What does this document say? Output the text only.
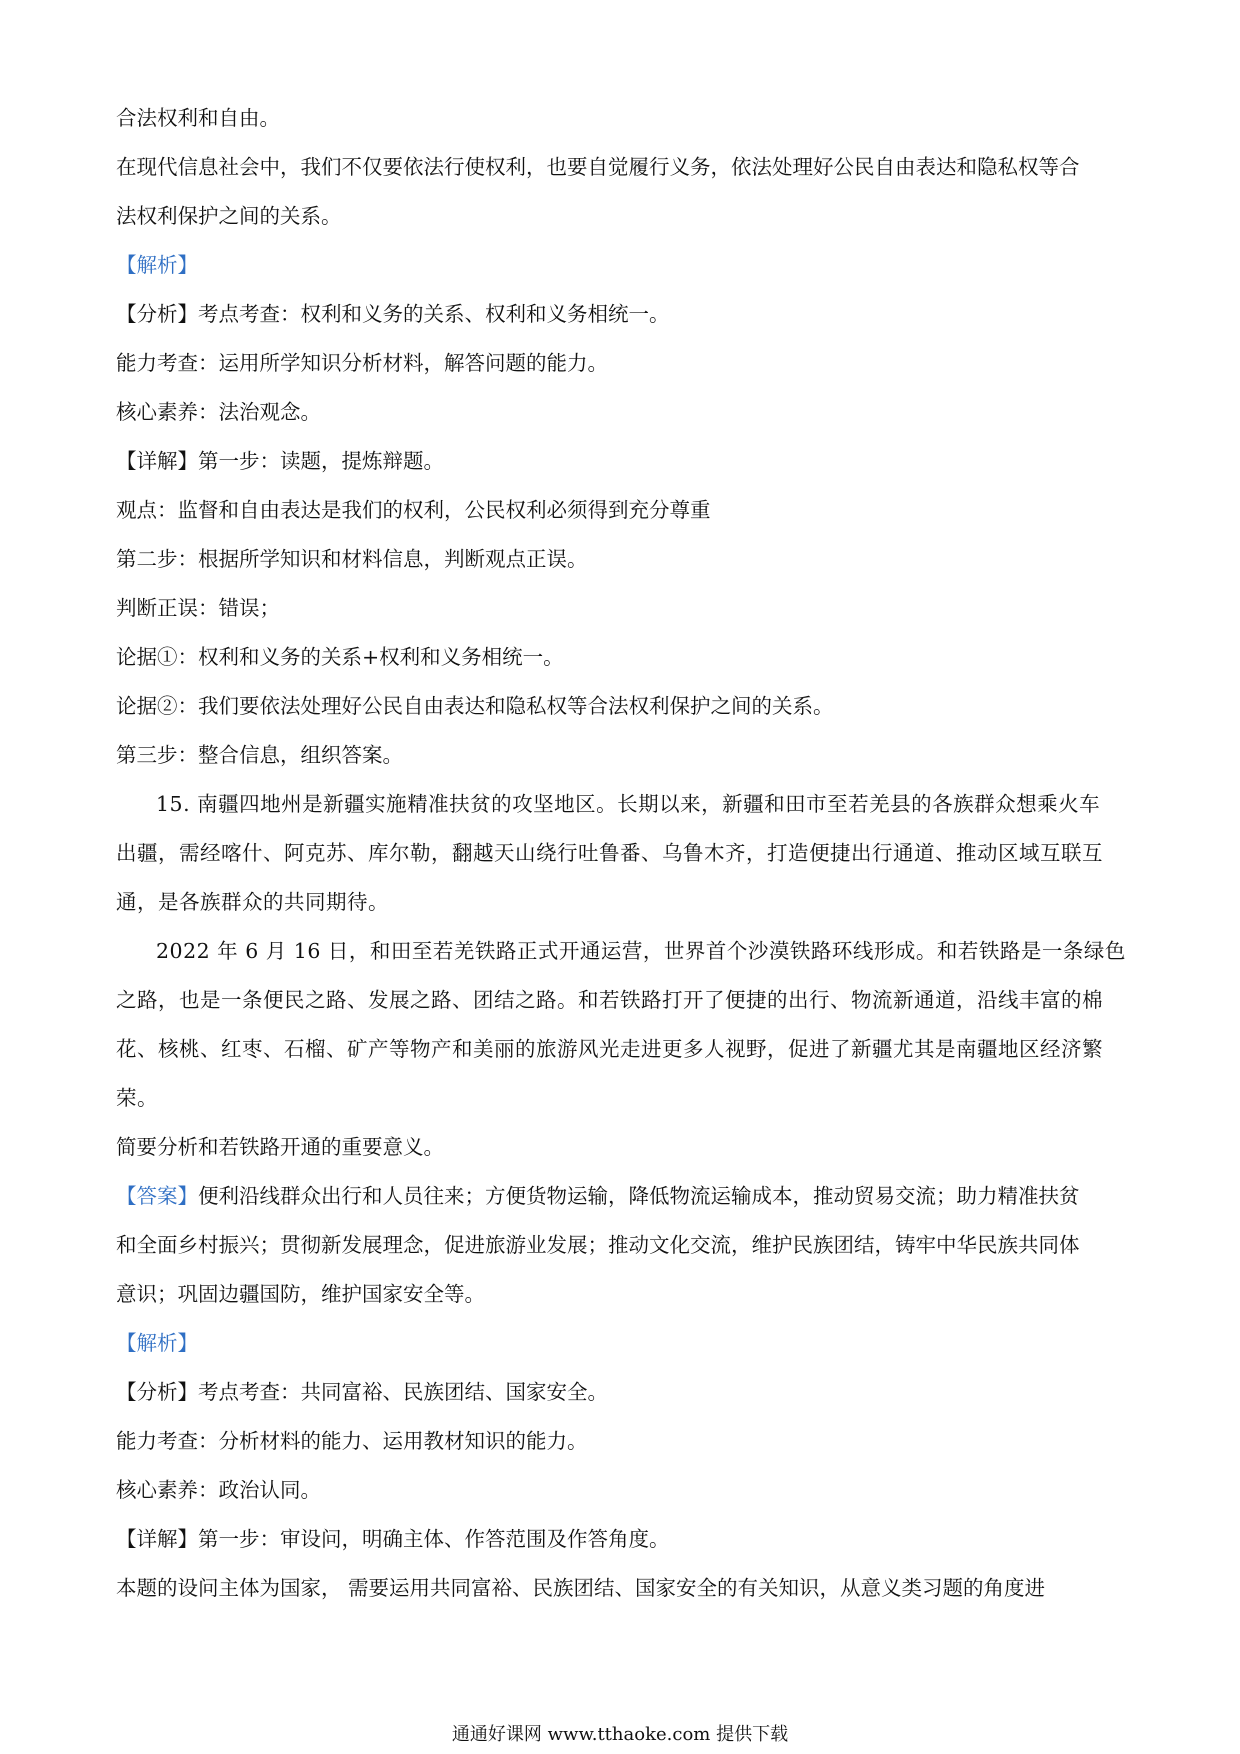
合法权利和自由。
在现代信息社会中，我们不仅要依法行使权利，也要自觉履行义务，依法处理好公民自由表达和隐私权等合
法权利保护之间的关系。
【解析】
【分析】考点考查：权利和义务的关系、权利和义务相统一。
能力考查：运用所学知识分析材料，解答问题的能力。
核心素养：法治观念。
【详解】第一步：读题，提炼辩题。
观点：监督和自由表达是我们的权利，公民权利必须得到充分尊重
第二步：根据所学知识和材料信息，判断观点正误。
判断正误：错误；
论据①：权利和义务的关系+权利和义务相统一。
论据②：我们要依法处理好公民自由表达和隐私权等合法权利保护之间的关系。
第三步：整合信息，组织答案。
15. 南疆四地州是新疆实施精准扶贫的攻坚地区。长期以来，新疆和田市至若羌县的各族群众想乘火车
出疆，需经喀什、阿克苏、库尔勒，翻越天山绕行吐鲁番、乌鲁木齐，打造便捷出行通道、推动区域互联互
通，是各族群众的共同期待。
2022 年 6 月 16 日，和田至若羌铁路正式开通运营，世界首个沙漠铁路环线形成。和若铁路是一条绿色
之路，也是一条便民之路、发展之路、团结之路。和若铁路打开了便捷的出行、物流新通道，沿线丰富的棉
花、核桃、红枣、石榴、矿产等物产和美丽的旅游风光走进更多人视野，促进了新疆尤其是南疆地区经济繁
荣。
简要分析和若铁路开通的重要意义。
【答案】便利沿线群众出行和人员往来；方便货物运输，降低物流运输成本，推动贸易交流；助力精准扶贫
和全面乡村振兴；贯彻新发展理念，促进旅游业发展；推动文化交流，维护民族团结，铸牢中华民族共同体
意识；巩固边疆国防，维护国家安全等。
【解析】
【分析】考点考查：共同富裕、民族团结、国家安全。
能力考查：分析材料的能力、运用教材知识的能力。
核心素养：政治认同。
【详解】第一步：审设问，明确主体、作答范围及作答角度。
本题的设问主体为国家， 需要运用共同富裕、民族团结、国家安全的有关知识，从意义类习题的角度进
通通好课网 www.tthaoke.com 提供下载
